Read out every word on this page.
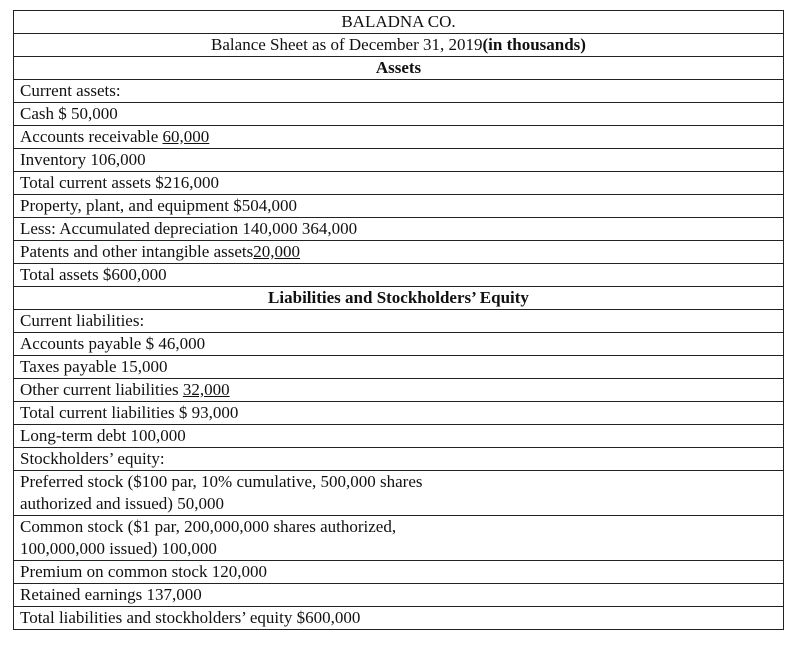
BALADNA CO.
Balance Sheet as of December 31, 2019(in thousands)
Assets
Current assets:
Cash $ 50,000
Accounts receivable 60,000
Inventory 106,000
Total current assets $216,000
Property, plant, and equipment $504,000
Less: Accumulated depreciation 140,000 364,000
Patents and other intangible assets20,000
Total assets $600,000
Liabilities and Stockholders’ Equity
Current liabilities:
Accounts payable $ 46,000
Taxes payable 15,000
Other current liabilities 32,000
Total current liabilities $ 93,000
Long-term debt 100,000
Stockholders’ equity:
Preferred stock ($100 par, 10% cumulative, 500,000 shares
authorized and issued) 50,000
Common stock ($1 par, 200,000,000 shares authorized,
100,000,000 issued) 100,000
Premium on common stock 120,000
Retained earnings 137,000
Total liabilities and stockholders’ equity $600,000
